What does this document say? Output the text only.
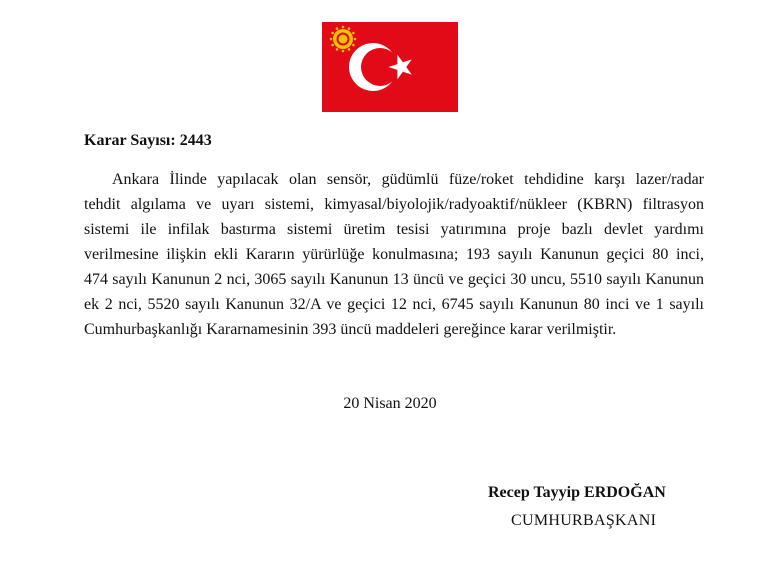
Karar Sayısı: 2443
Ankara İlinde yapılacak olan sensör, güdümlü füze/roket tehdidine karşı lazer/radar
tehdit algılama ve uyarı sistemi, kimyasal/biyolojik/radyoaktif/nükleer (KBRN) filtrasyon
sistemi ile infilak bastırma sistemi üretim tesisi yatırımına proje bazlı devlet yardımı
verilmesine ilişkin ekli Kararın yürürlüğe konulmasına; 193 sayılı Kanunun geçici 80 inci,
474 sayılı Kanunun 2 nci, 3065 sayılı Kanunun 13 üncü ve geçici 30 uncu, 5510 sayılı Kanunun
ek 2 nci, 5520 sayılı Kanunun 32/A ve geçici 12 nci, 6745 sayılı Kanunun 80 inci ve 1 sayılı
Cumhurbaşkanlığı Kararnamesinin 393 üncü maddeleri gereğince karar verilmiştir.
20 Nisan 2020
Recep Tayyip ERDOĞAN
CUMHURBAŞKANI
